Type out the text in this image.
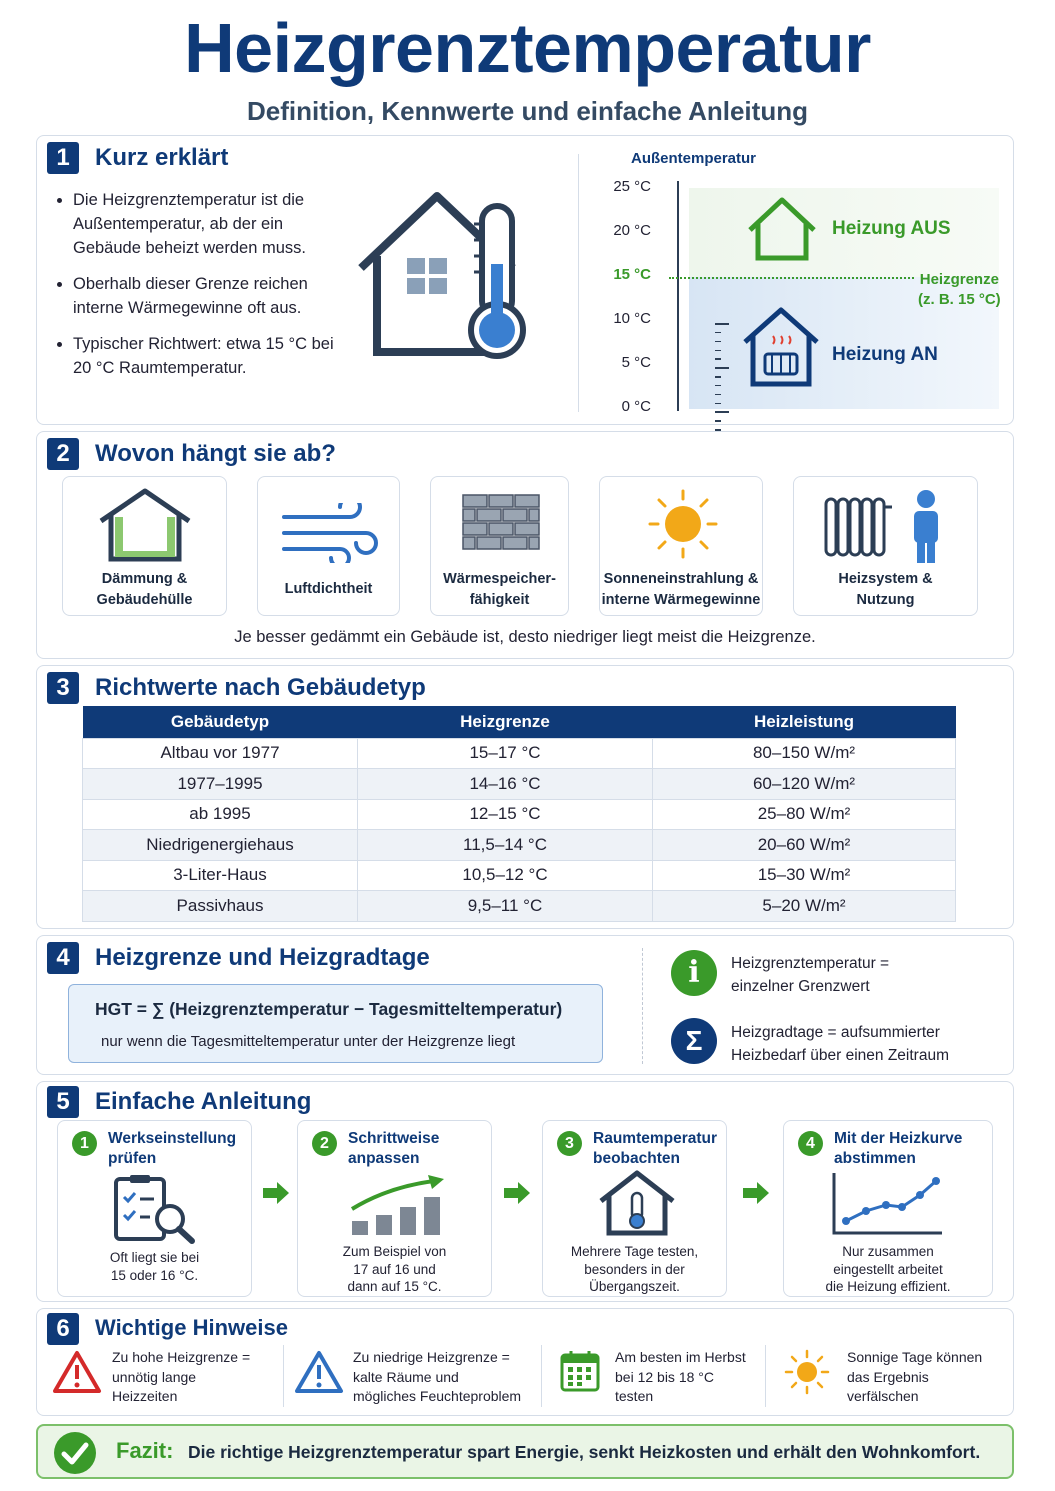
Heizgrenztemperatur
Definition, Kennwerte und einfache Anleitung
1	Kurz erklärt
Die Heizgrenztemperatur ist die Außentemperatur, ab der ein Gebäude beheizt werden muss.
Oberhalb dieser Grenze reichen interne Wärmegewinne oft aus.
Typischer Richtwert: etwa 15 °C bei 20 °C Raumtemperatur.
Außentemperatur
25 °C
20 °C
15 °C
10 °C
5 °C
0 °C
Heizgrenze
(z. B. 15 °C)
Heizung AUS
Heizung AN
2	Wovon hängt sie ab?
Je besser gedämmt ein Gebäude ist, desto niedriger liegt meist die Heizgrenze.
Dämmung &
Gebäudehülle
Luftdichtheit
Wärmespeicher-
fähigkeit
Sonneneinstrahlung &
interne Wärmegewinne
Heizsystem &
Nutzung
3	Richtwerte nach Gebäudetyp
Gebäudetyp	Heizgrenze	Heizleistung
Altbau vor 1977	15–17 °C	80–150 W/m²
1977–1995	14–16 °C	60–120 W/m²
ab 1995	12–15 °C	25–80 W/m²
Niedrigenergiehaus	11,5–14 °C	20–60 W/m²
3-Liter-Haus	10,5–12 °C	15–30 W/m²
Passivhaus	9,5–11 °C	5–20 W/m²
4	Heizgrenze und Heizgradtage
HGT = ∑ (Heizgrenztemperatur − Tagesmitteltemperatur)
nur wenn die Tagesmitteltemperatur unter der Heizgrenze liegt
i	Heizgrenztemperatur =
einzelner Grenzwert
Σ	Heizgradtage = aufsummierter
Heizbedarf über einen Zeitraum
5	Einfache Anleitung
1	Werkseinstellung
prüfen
Oft liegt sie bei
15 oder 16 °C.
2	Schrittweise
anpassen
Zum Beispiel von
17 auf 16 und
dann auf 15 °C.
3	Raumtemperatur
beobachten
Mehrere Tage testen,
besonders in der
Übergangszeit.
4	Mit der Heizkurve
abstimmen
Nur zusammen
eingestellt arbeitet
die Heizung effizient.
6	Wichtige Hinweise
Zu hohe Heizgrenze =
unnötig lange
Heizzeiten
Zu niedrige Heizgrenze =
kalte Räume und
mögliches Feuchteproblem
Am besten im Herbst
bei 12 bis 18 °C
testen
Sonnige Tage können
das Ergebnis
verfälschen
Fazit: Die richtige Heizgrenztemperatur spart Energie, senkt Heizkosten und erhält den Wohnkomfort.
